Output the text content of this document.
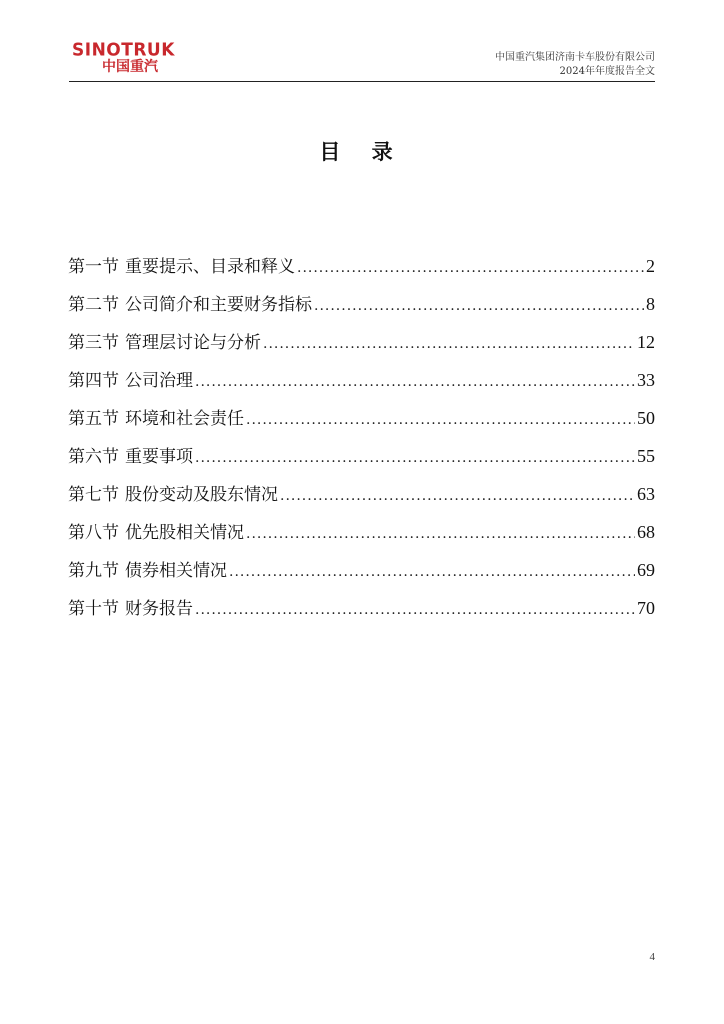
SINOTRUK
中国重汽
中国重汽集团济南卡车股份有限公司
2024年年度报告全文
目 录
第一节 重要提示、目录和释义 .....	2
第二节 公司简介和主要财务指标 .....	8
第三节 管理层讨论与分析 .....	12
第四节 公司治理 .....	33
第五节 环境和社会责任 .....	50
第六节 重要事项 .....	55
第七节 股份变动及股东情况 .....	63
第八节 优先股相关情况 .....	68
第九节 债券相关情况 .....	69
第十节 财务报告 .....	70
4
